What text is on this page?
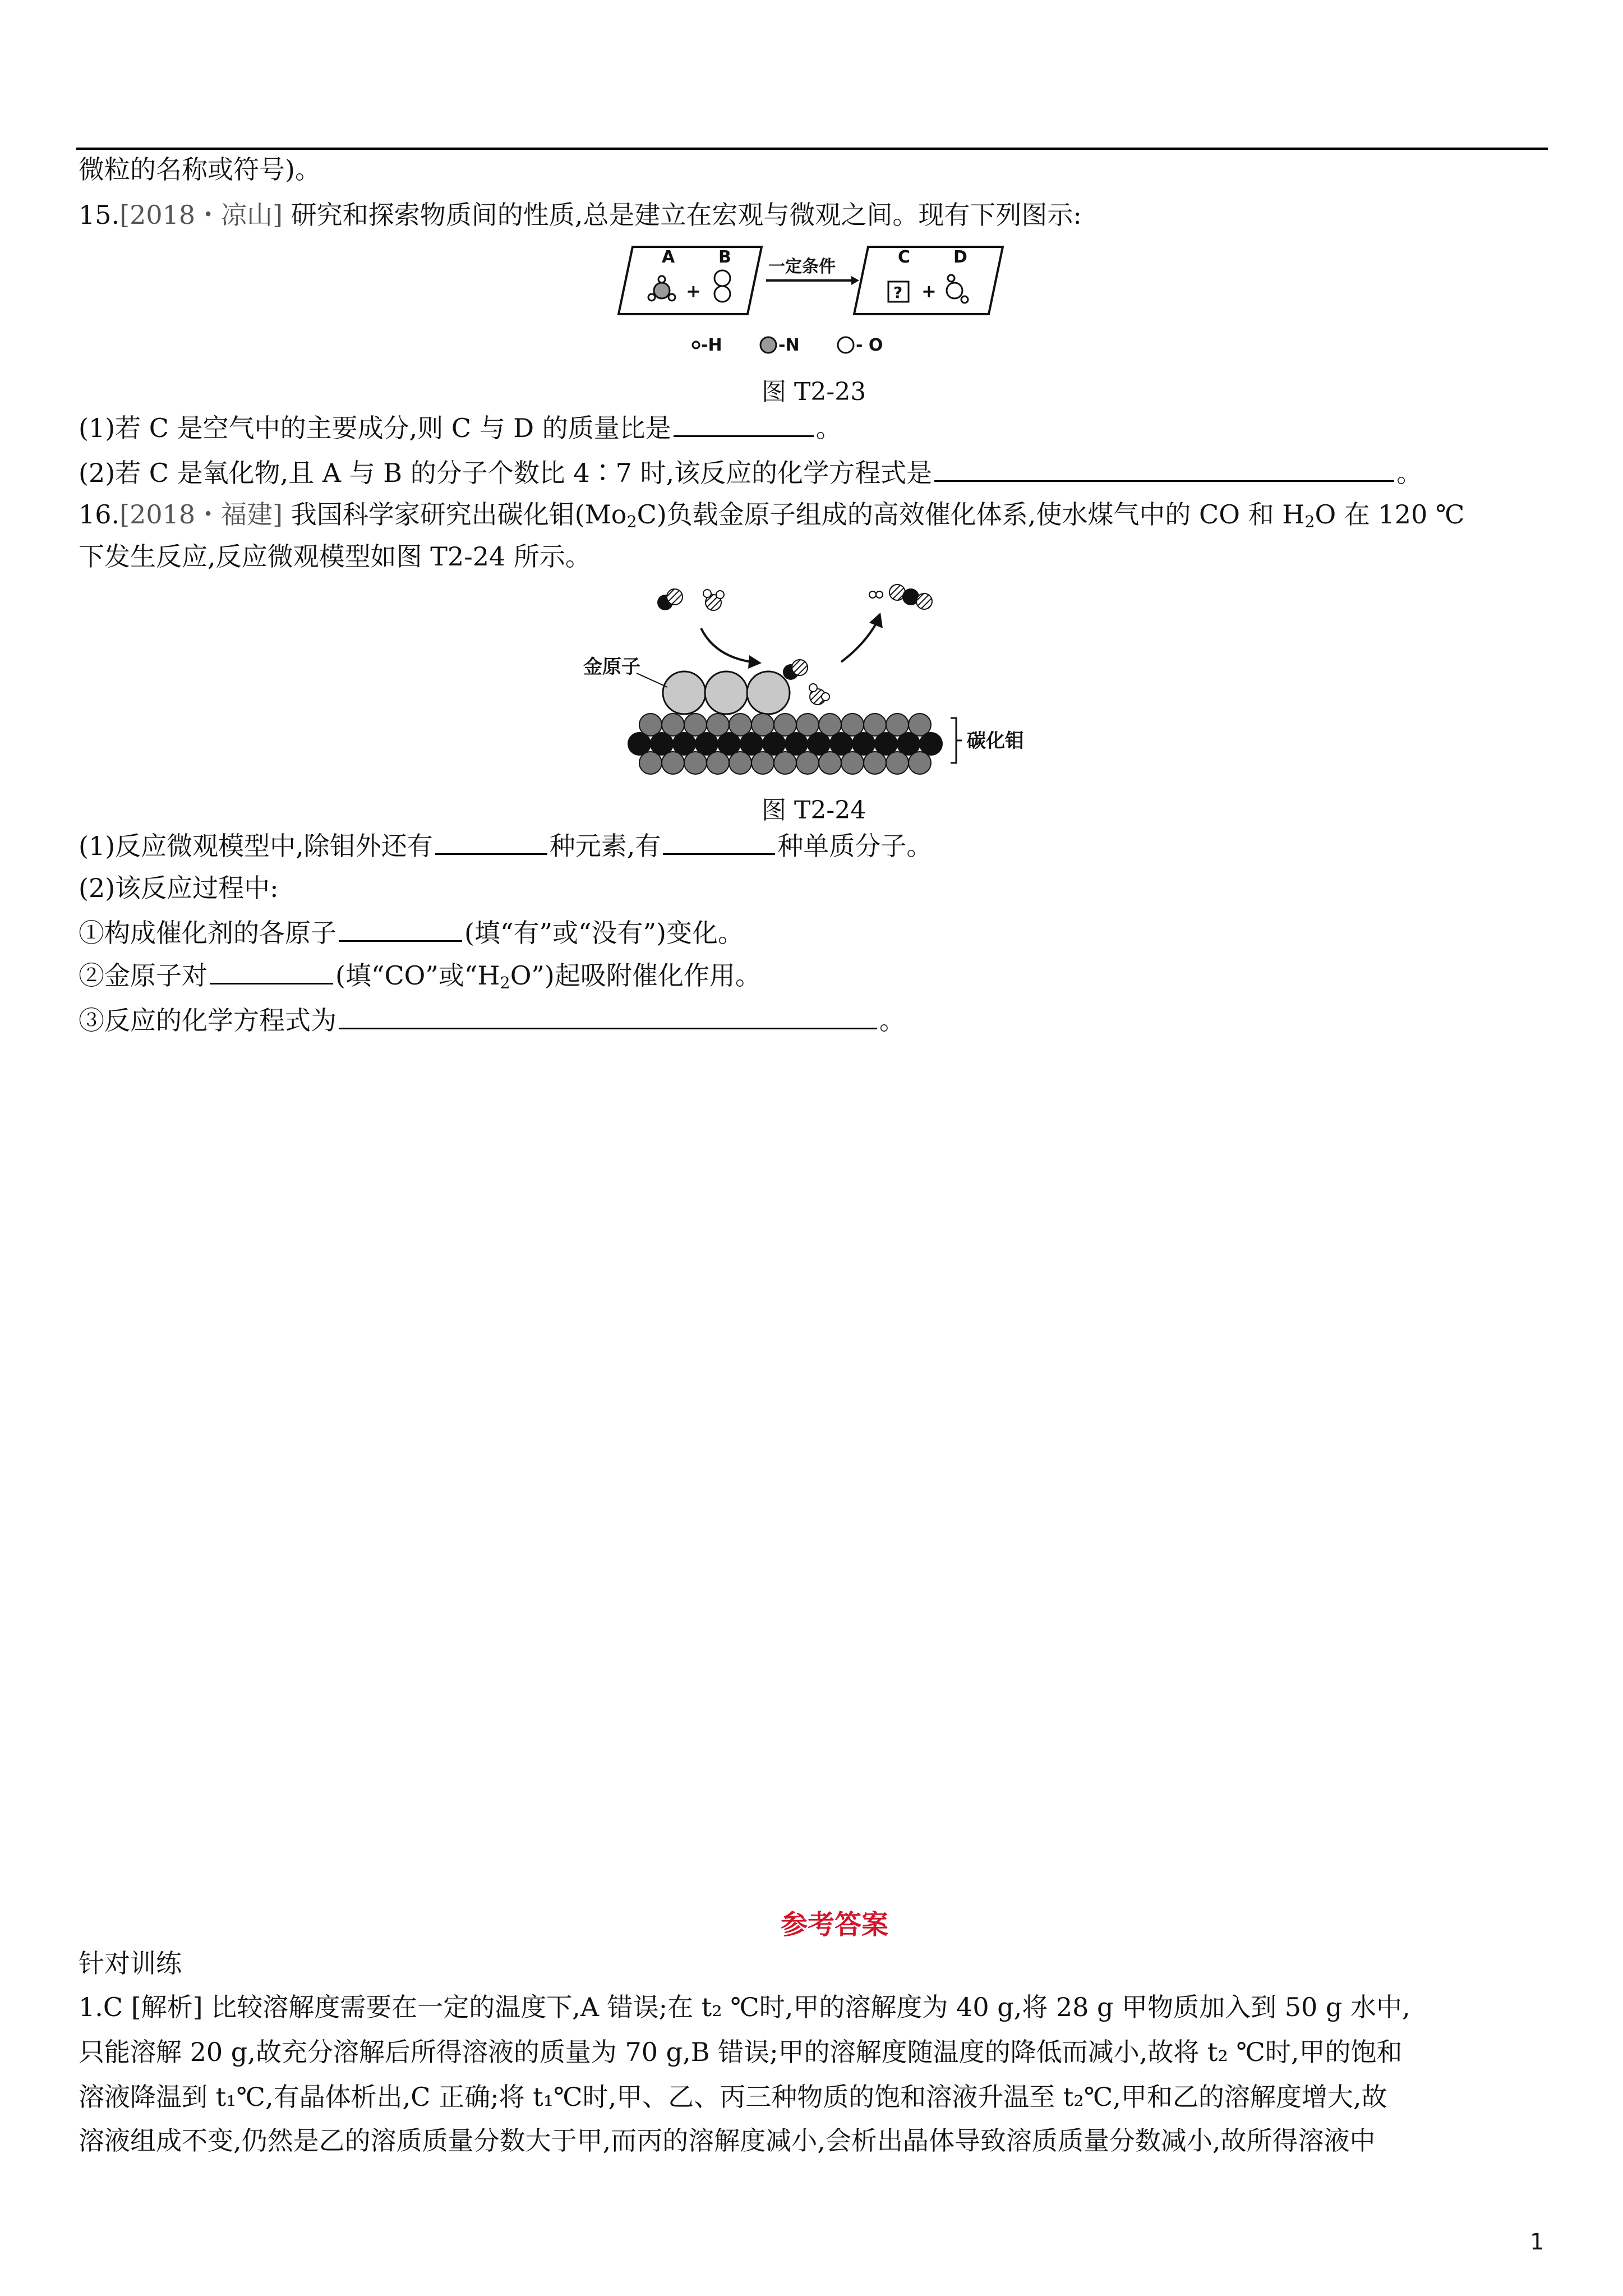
微粒的名称或符号)。
15.[2018・凉山] 研究和探索物质间的性质,总是建立在宏观与微观之间。现有下列图示:
A	B	C	D
+
一定条件
? +
-H	-N	- O
图 T2-23
(1)若 C 是空气中的主要成分,则 C 与 D 的质量比是	。
(2)若 C 是氧化物,且 A 与 B 的分子个数比 4∶7 时,该反应的化学方程式是	。
16.[2018・福建] 我国科学家研究出碳化钼$(Mo_2C)$负载金原子组成的高效催化体系,使水煤气中的 CO 和 $H_2O$ 在 120 ℃
下发生反应,反应微观模型如图 T2-24 所示。
金原子
碳化钼
图 T2-24
(1)反应微观模型中,除钼外还有	种元素,有	种单质分子。
(2)该反应过程中:
①构成催化剂的各原子	(填“有”或“没有”)变化。
②金原子对	(填“CO”或“$H_2O$”)起吸附催化作用。
③反应的化学方程式为	。
参考答案
针对训练
1.C [解析] 比较溶解度需要在一定的温度下,A 错误;在 t₂ ℃时,甲的溶解度为 40 g,将 28 g 甲物质加入到 50 g 水中,
只能溶解 20 g,故充分溶解后所得溶液的质量为 70 g,B 错误;甲的溶解度随温度的降低而减小,故将 t₂ ℃时,甲的饱和
溶液降温到 t₁℃,有晶体析出,C 正确;将 t₁℃时,甲、乙、丙三种物质的饱和溶液升温至 t₂℃,甲和乙的溶解度增大,故
溶液组成不变,仍然是乙的溶质质量分数大于甲,而丙的溶解度减小,会析出晶体导致溶质质量分数减小,故所得溶液中
1
